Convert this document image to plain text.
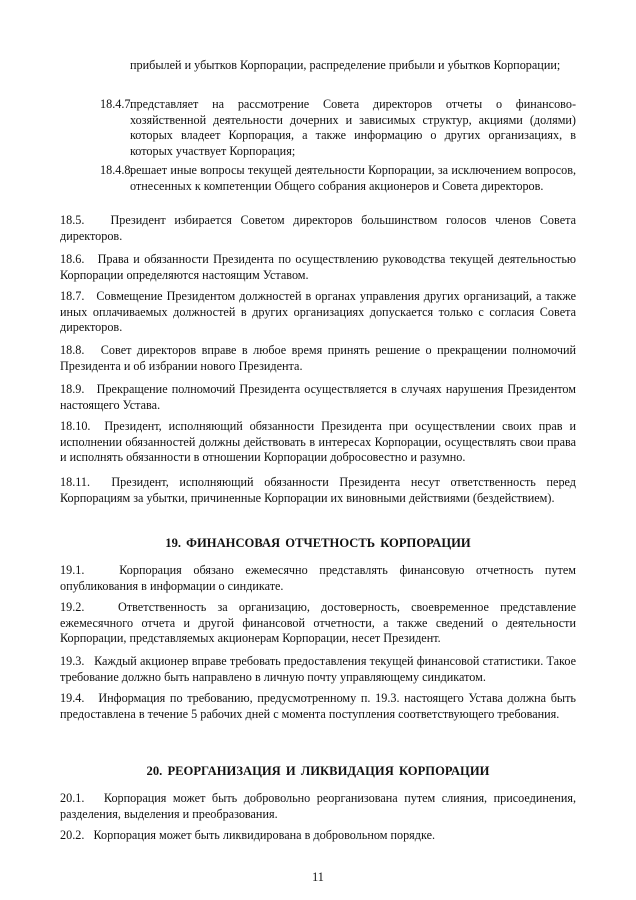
прибылей и убытков Корпорации, распределение прибыли и убытков Корпорации;
18.4.7.
представляет на рассмотрение Совета директоров отчеты о финансово-хозяйственной деятельности дочерних и зависимых структур, акциями (долями) которых владеет Корпорация, а также информацию о других организациях, в которых участвует Корпорация;
18.4.8.
решает иные вопросы текущей деятельности Корпорации, за исключением вопросов, отнесенных к компетенции Общего собрания акционеров и Совета директоров.
18.5. Президент избирается Советом директоров большинством голосов членов Совета директоров.
18.6. Права и обязанности Президента по осуществлению руководства текущей деятельностью Корпорации определяются настоящим Уставом.
18.7. Совмещение Президентом должностей в органах управления других организаций, а также иных оплачиваемых должностей в других организациях допускается только с согласия Совета директоров.
18.8. Совет директоров вправе в любое время принять решение о прекращении полномочий Президента и об избрании нового Президента.
18.9. Прекращение полномочий Президента осуществляется в случаях нарушения Президентом настоящего Устава.
18.10. Президент, исполняющий обязанности Президента при осуществлении своих прав и исполнении обязанностей должны действовать в интересах Корпорации, осуществлять свои права и исполнять обязанности в отношении Корпорации добросовестно и разумно.
18.11. Президент, исполняющий обязанности Президента несут ответственность перед Корпорациям за убытки, причиненные Корпорации их виновными действиями (бездействием).
19. ФИНАНСОВАЯ ОТЧЕТНОСТЬ КОРПОРАЦИИ
19.1.	Корпорация обязано ежемесячно представлять финансовую отчетность путем опубликования в информации о синдикате.
19.2.	Ответственность за организацию, достоверность, своевременное представление ежемесячного отчета и другой финансовой отчетности, а также сведений о деятельности Корпорации, представляемых акционерам Корпорации, несет Президент.
19.3. Каждый акционер вправе требовать предоставления текущей финансовой статистики. Такое требование должно быть направлено в личную почту управляющему синдикатом.
19.4. Информация по требованию, предусмотренному п. 19.3. настоящего Устава должна быть предоставлена в течение 5 рабочих дней с момента поступления соответствующего требования.
20. РЕОРГАНИЗАЦИЯ И ЛИКВИДАЦИЯ КОРПОРАЦИИ
20.1. Корпорация может быть добровольно реорганизована путем слияния, присоединения, разделения, выделения и преобразования.
20.2. Корпорация может быть ликвидирована в добровольном порядке.
11
